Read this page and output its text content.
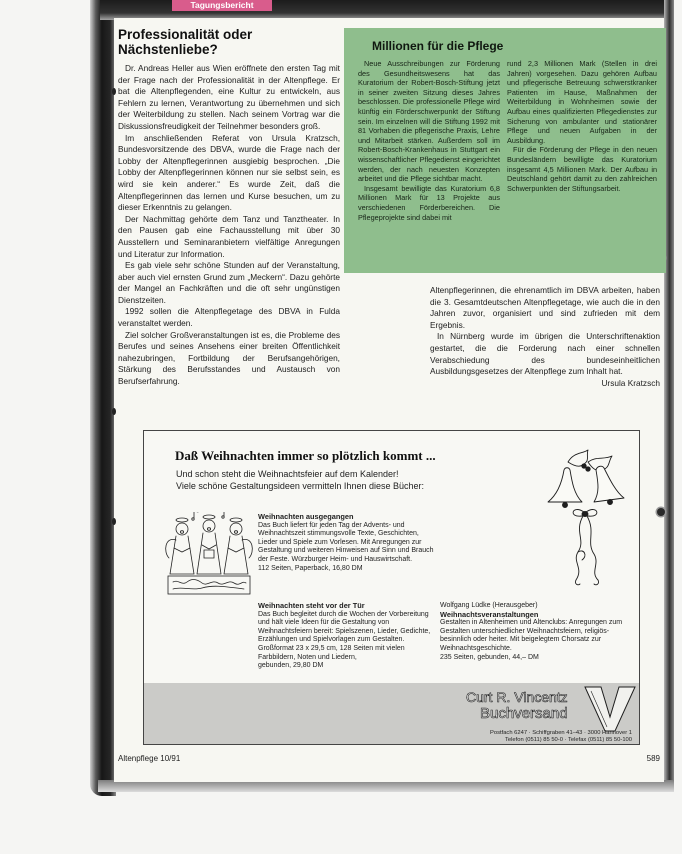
Tagungsbericht
Professionalität oder Nächstenliebe?

Dr. Andreas Heller aus Wien eröffnete den ersten Tag mit der Frage nach der Professionalität in der Altenpflege. Er bat die Altenpflegenden, eine Kultur zu entwickeln, aus Fehlern zu lernen, Verantwortung zu übernehmen und sich der Weiterbildung zu stellen. Nach seinem Vortrag war die Diskussionsfreudigkeit der Teilnehmer besonders groß.

Im anschließenden Referat von Ursula Kratzsch, Bundesvorsitzende des DBVA, wurde die Frage nach der Lobby der Altenpflegerinnen ausgiebig besprochen. „Die Lobby der Altenpflegerinnen können nur sie selbst sein, es wird sie kein anderer.“ Es wurde Zeit, daß die Altenpflegerinnen das lernen und Kurse besuchen, um zu dieser Erkenntnis zu gelangen.

Der Nachmittag gehörte dem Tanz und Tanztheater. In den Pausen gab eine Fachausstellung mit über 30 Ausstellern und Seminaranbietern vielfältige Anregungen und Literatur zur Information.

Es gab viele sehr schöne Stunden auf der Veranstaltung, aber auch viel ernsten Grund zum „Meckern“. Dazu gehörte der Mangel an Fachkräften und die oft sehr ungünstigen Dienstzeiten.

1992 sollen die Altenpflegetage des DBVA in Fulda veranstaltet werden.

Ziel solcher Großveranstaltungen ist es, die Probleme des Berufes und seines Ansehens einer breiten Öffentlichkeit nahezubringen, Fortbildung der Berufsangehörigen, Stärkung des Berufsstandes und Austausch von Berufserfahrung.

Millionen für die Pflege

Neue Ausschreibungen zur Förderung des Gesundheitswesens hat das Kuratorium der Robert-Bosch-Stiftung jetzt in seiner zweiten Sitzung dieses Jahres beschlossen. Die professionelle Pflege wird künftig ein Förderschwerpunkt der Stiftung sein. Im einzelnen will die Stiftung 1992 mit 81 Vorhaben die pflegerische Praxis, Lehre und Mitarbeit stärken. Außerdem soll im Robert-Bosch-Krankenhaus in Stuttgart ein wissenschaftlicher Pflegedienst eingerichtet werden, der nach neuesten Konzepten arbeitet und die Pflege sichtbar macht.

Insgesamt bewilligte das Kuratorium 6,8 Millionen Mark für 13 Projekte aus verschiedenen Förderbereichen. Die Pflegeprojekte sind dabei mit

rund 2,3 Millionen Mark (Stellen in drei Jahren) vorgesehen. Dazu gehören Aufbau und pflegerische Betreuung schwerstkranker Patienten im Hause, Maßnahmen der Weiterbildung in Wohnheimen sowie der Aufbau eines qualifizierten Pflegedienstes zur Sicherung von ambulanter und stationärer Pflege und neuen Aufgaben in der Ausbildung.

Für die Förderung der Pflege in den neuen Bundesländern bewilligte das Kuratorium insgesamt 4,5 Millionen Mark. Der Aufbau in Deutschland gehört damit zu den zahlreichen Schwerpunkten der Stiftungsarbeit.

Altenpflegerinnen, die ehrenamtlich im DBVA arbeiten, haben die 3. Gesamtdeutschen Altenpflegetage, wie auch die in den Jahren zuvor, organisiert und sind zufrieden mit dem Ergebnis.

In Nürnberg wurde im übrigen die Unterschriftenaktion gestartet, die die Forderung nach einer schnellen Verabschiedung des bundeseinheitlichen Ausbildungsgesetzes der Altenpflege zum Inhalt hat.

Ursula Kratzsch

Daß Weihnachten immer so plötzlich kommt ...
Und schon steht die Weihnachtsfeier auf dem Kalender!
Viele schöne Gestaltungsideen vermitteln Ihnen diese Bücher:
Weihnachten ausgegangen
Das Buch liefert für jeden Tag der Advents- und Weihnachtszeit stimmungsvolle Texte, Geschichten, Lieder und Spiele zum Vorlesen. Mit Anregungen zur Gestaltung und weiteren Hinweisen auf Sinn und Brauch der Feste. Würzburger Heim- und Hauswirtschaft.
112 Seiten, Paperback, 16,80 DM
Weihnachten steht vor der Tür
Das Buch begleitet durch die Wochen der Vorbereitung und hält viele Ideen für die Gestaltung von Weihnachtsfeiern bereit: Spielszenen, Lieder, Gedichte, Erzählungen und Spielvorlagen zum Gestalten. Großformat 23 x 29,5 cm, 128 Seiten mit vielen Farbbildern, Noten und Liedern,
gebunden, 29,80 DM
Wolfgang Lüdke (Herausgeber)
Weihnachtsveranstaltungen
Gestalten in Altenheimen und Altenclubs: Anregungen zum Gestalten unterschiedlicher Weihnachtsfeiern, religiös-besinnlich oder heiter. Mit beigelegtem Chorsatz zur Weihnachtsgeschichte.
235 Seiten, gebunden, 44,– DM
Curt R. Vincentz
Buchversand
Postfach 6247 · Schiffgraben 41–43 · 3000 Hannover 1
Telefon (0511) 85 50-0 · Telefax (0511) 85 50-100
Altenpflege 10/91	589
